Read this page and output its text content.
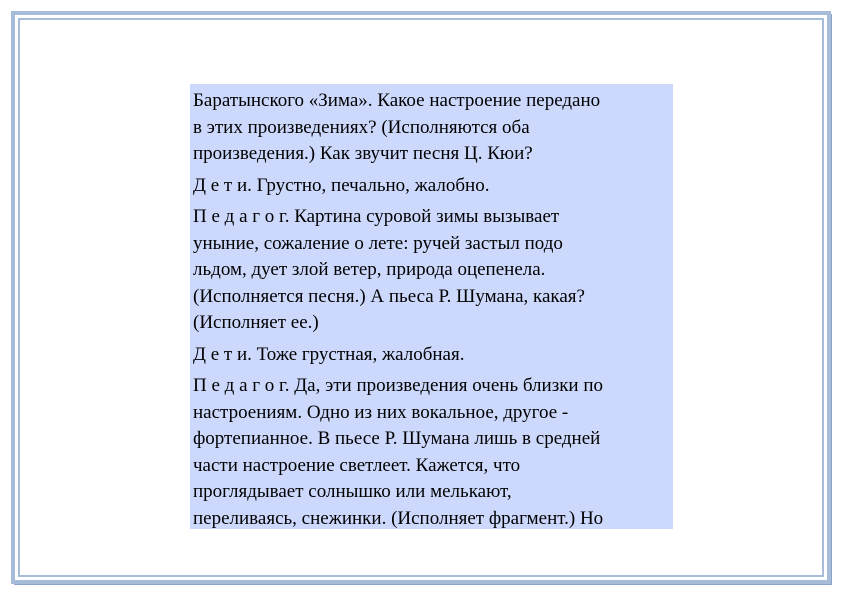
Баратынского «Зима». Какое настроение передано
в этих произведениях? (Исполняются оба
произведения.) Как звучит песня Ц. Кюи?

Д е т и. Грустно, печально, жалобно.

П е д а г о г. Картина суровой зимы вызывает
уныние, сожаление о лете: ручей застыл подо
льдом, дует злой ветер, природа оцепенела.
(Исполняется песня.) А пьеса Р. Шумана, какая?
(Исполняет ее.)

Д е т и. Тоже грустная, жалобная.

П е д а г о г. Да, эти произведения очень близки по
настроениям. Одно из них вокальное, другое -
фортепианное. В пьесе Р. Шумана лишь в средней
части настроение светлеет. Кажется, что
проглядывает солнышко или мелькают,
переливаясь, снежинки. (Исполняет фрагмент.) Но
